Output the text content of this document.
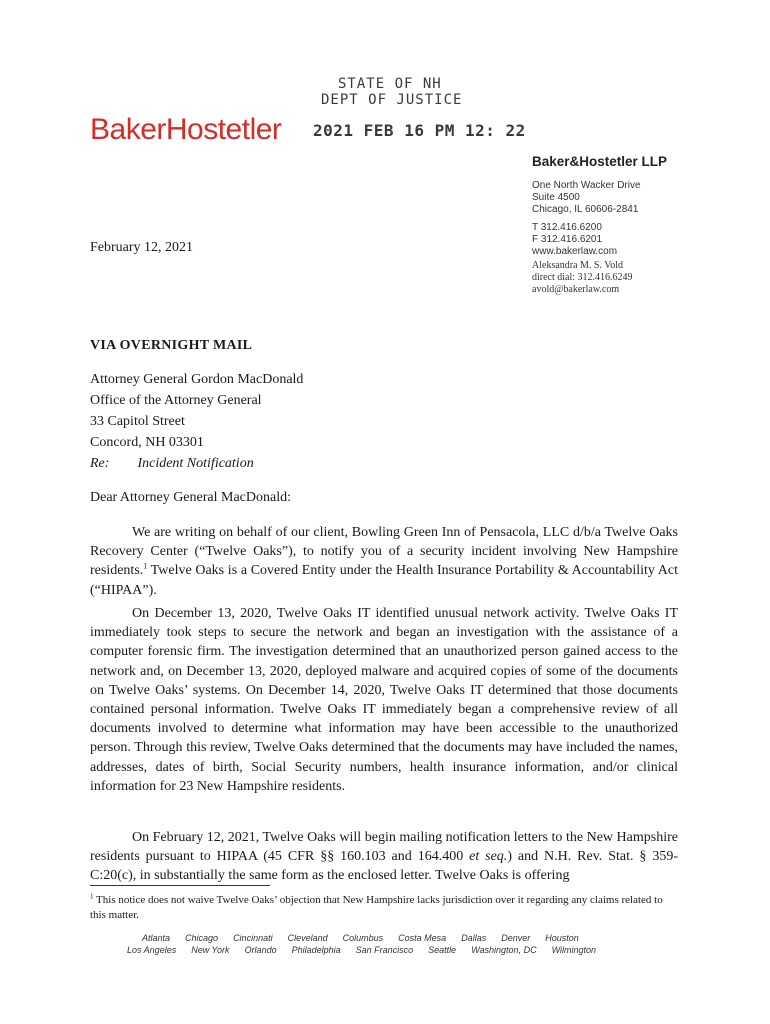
STATE OF NH
DEPT OF JUSTICE
2021 FEB 16 PM 12: 22
BakerHostetler
Baker&Hostetler LLP
One North Wacker Drive
Suite 4500
Chicago, IL 60606-2841
T 312.416.6200
F 312.416.6201
www.bakerlaw.com
Aleksandra M. S. Vold
direct dial: 312.416.6249
avold@bakerlaw.com
February 12, 2021
VIA OVERNIGHT MAIL
Attorney General Gordon MacDonald
Office of the Attorney General
33 Capitol Street
Concord, NH 03301
Re: Incident Notification
Dear Attorney General MacDonald:
We are writing on behalf of our client, Bowling Green Inn of Pensacola, LLC d/b/a Twelve Oaks Recovery Center (“Twelve Oaks”), to notify you of a security incident involving New Hampshire residents.$^1$ Twelve Oaks is a Covered Entity under the Health Insurance Portability & Accountability Act (“HIPAA”).
On December 13, 2020, Twelve Oaks IT identified unusual network activity. Twelve Oaks IT immediately took steps to secure the network and began an investigation with the assistance of a computer forensic firm. The investigation determined that an unauthorized person gained access to the network and, on December 13, 2020, deployed malware and acquired copies of some of the documents on Twelve Oaks’ systems. On December 14, 2020, Twelve Oaks IT determined that those documents contained personal information. Twelve Oaks IT immediately began a comprehensive review of all documents involved to determine what information may have been accessible to the unauthorized person. Through this review, Twelve Oaks determined that the documents may have included the names, addresses, dates of birth, Social Security numbers, health insurance information, and/or clinical information for 23 New Hampshire residents.
On February 12, 2021, Twelve Oaks will begin mailing notification letters to the New Hampshire residents pursuant to HIPAA (45 CFR §§ 160.103 and 164.400 et seq.) and N.H. Rev. Stat. § 359-C:20(c), in substantially the same form as the enclosed letter. Twelve Oaks is offering
$^1$ This notice does not waive Twelve Oaks’ objection that New Hampshire lacks jurisdiction over it regarding any claims related to this matter.
Atlanta Chicago Cincinnati Cleveland Columbus Costa Mesa Dallas Denver Houston
Los Angeles New York Orlando Philadelphia San Francisco Seattle Washington, DC Wilmington
